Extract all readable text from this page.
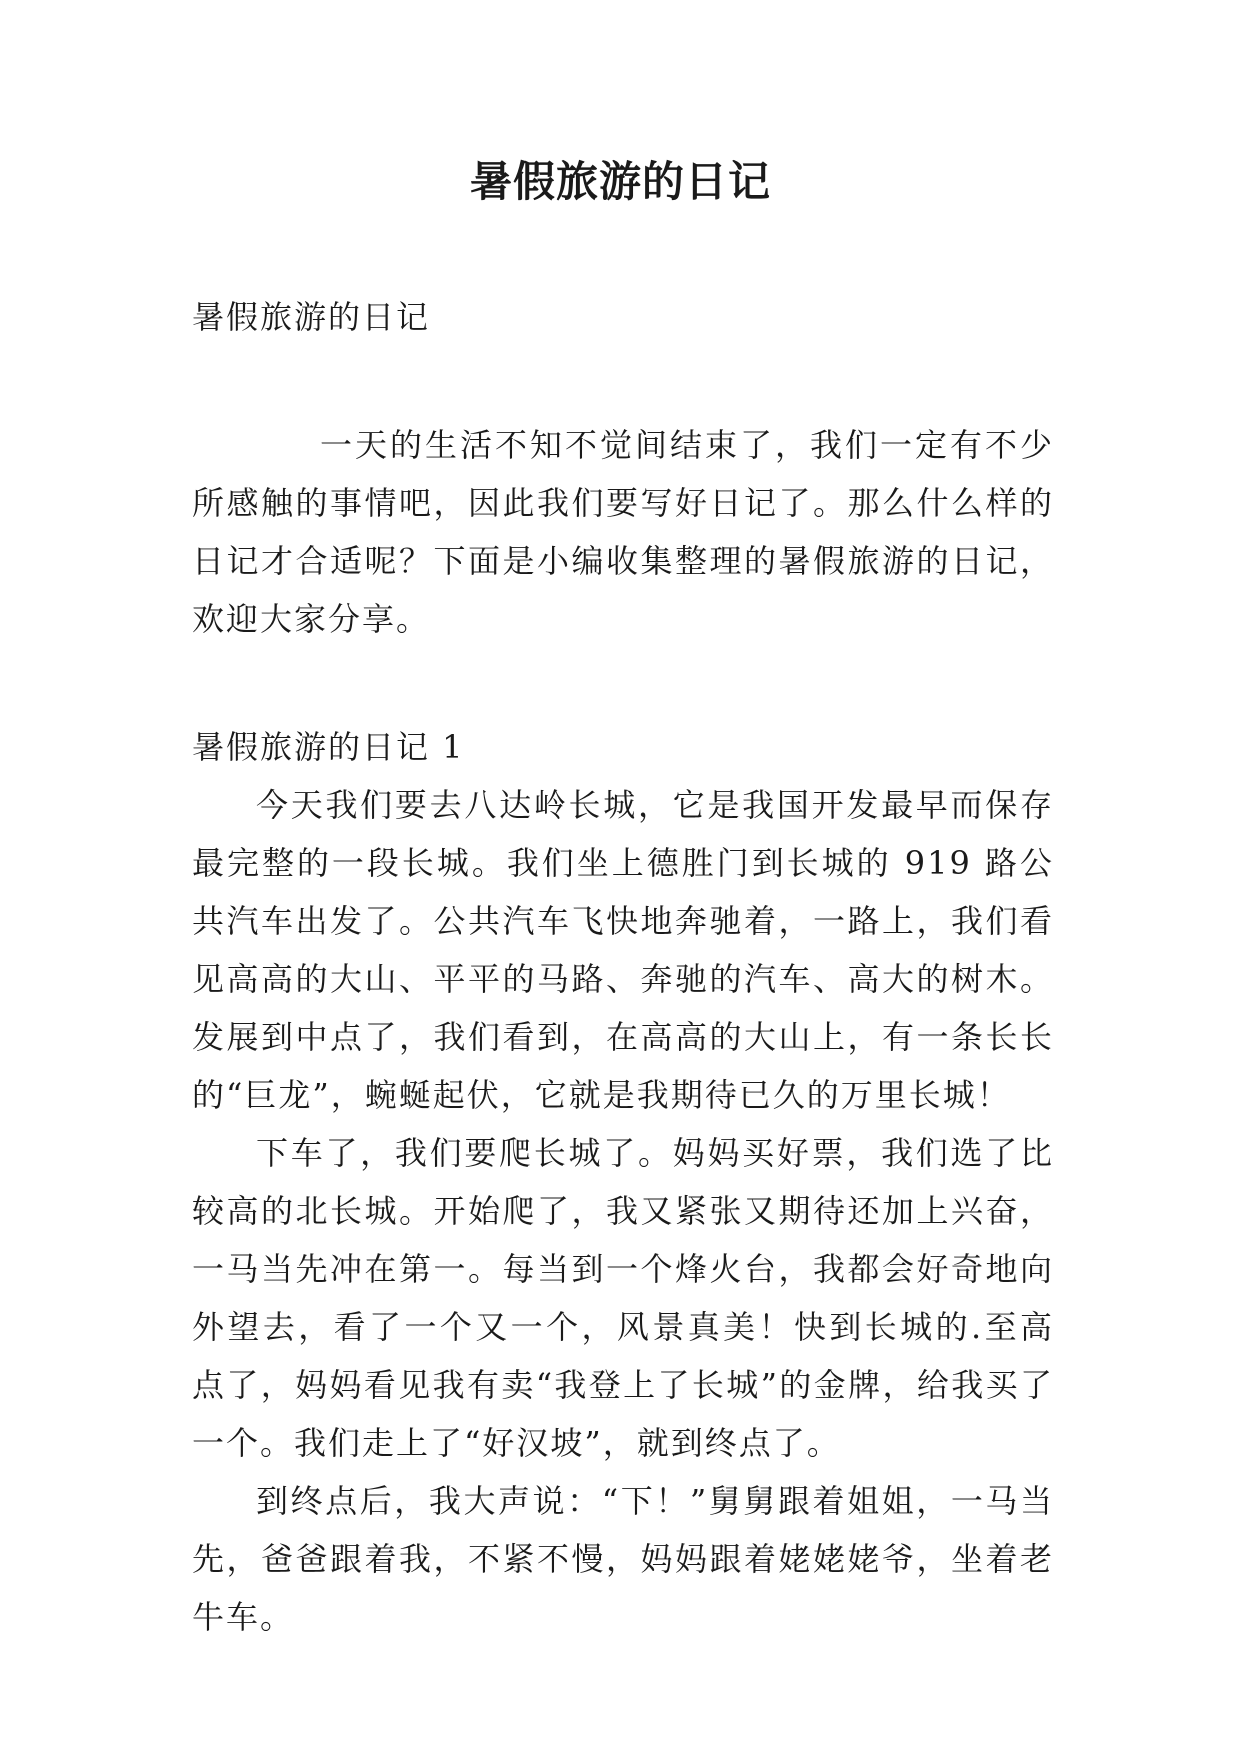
暑假旅游的日记

暑假旅游的日记

一天的生活不知不觉间结束了，我们一定有不少所感触的事情吧，因此我们要写好日记了。那么什么样的日记才合适呢？下面是小编收集整理的暑假旅游的日记，欢迎大家分享。

暑假旅游的日记 1

今天我们要去八达岭长城，它是我国开发最早而保存最完整的一段长城。我们坐上德胜门到长城的 919 路公共汽车出发了。公共汽车飞快地奔驰着，一路上，我们看见高高的大山、平平的马路、奔驰的汽车、高大的树木。发展到中点了，我们看到，在高高的大山上，有一条长长的“巨龙”，蜿蜒起伏，它就是我期待已久的万里长城！

下车了，我们要爬长城了。妈妈买好票，我们选了比较高的北长城。开始爬了，我又紧张又期待还加上兴奋，一马当先冲在第一。每当到一个烽火台，我都会好奇地向外望去，看了一个又一个，风景真美！快到长城的.至高点了，妈妈看见我有卖“我登上了长城”的金牌，给我买了一个。我们走上了“好汉坡”，就到终点了。

到终点后，我大声说：“下！”舅舅跟着姐姐，一马当先，爸爸跟着我，不紧不慢，妈妈跟着姥姥姥爷，坐着老牛车。
